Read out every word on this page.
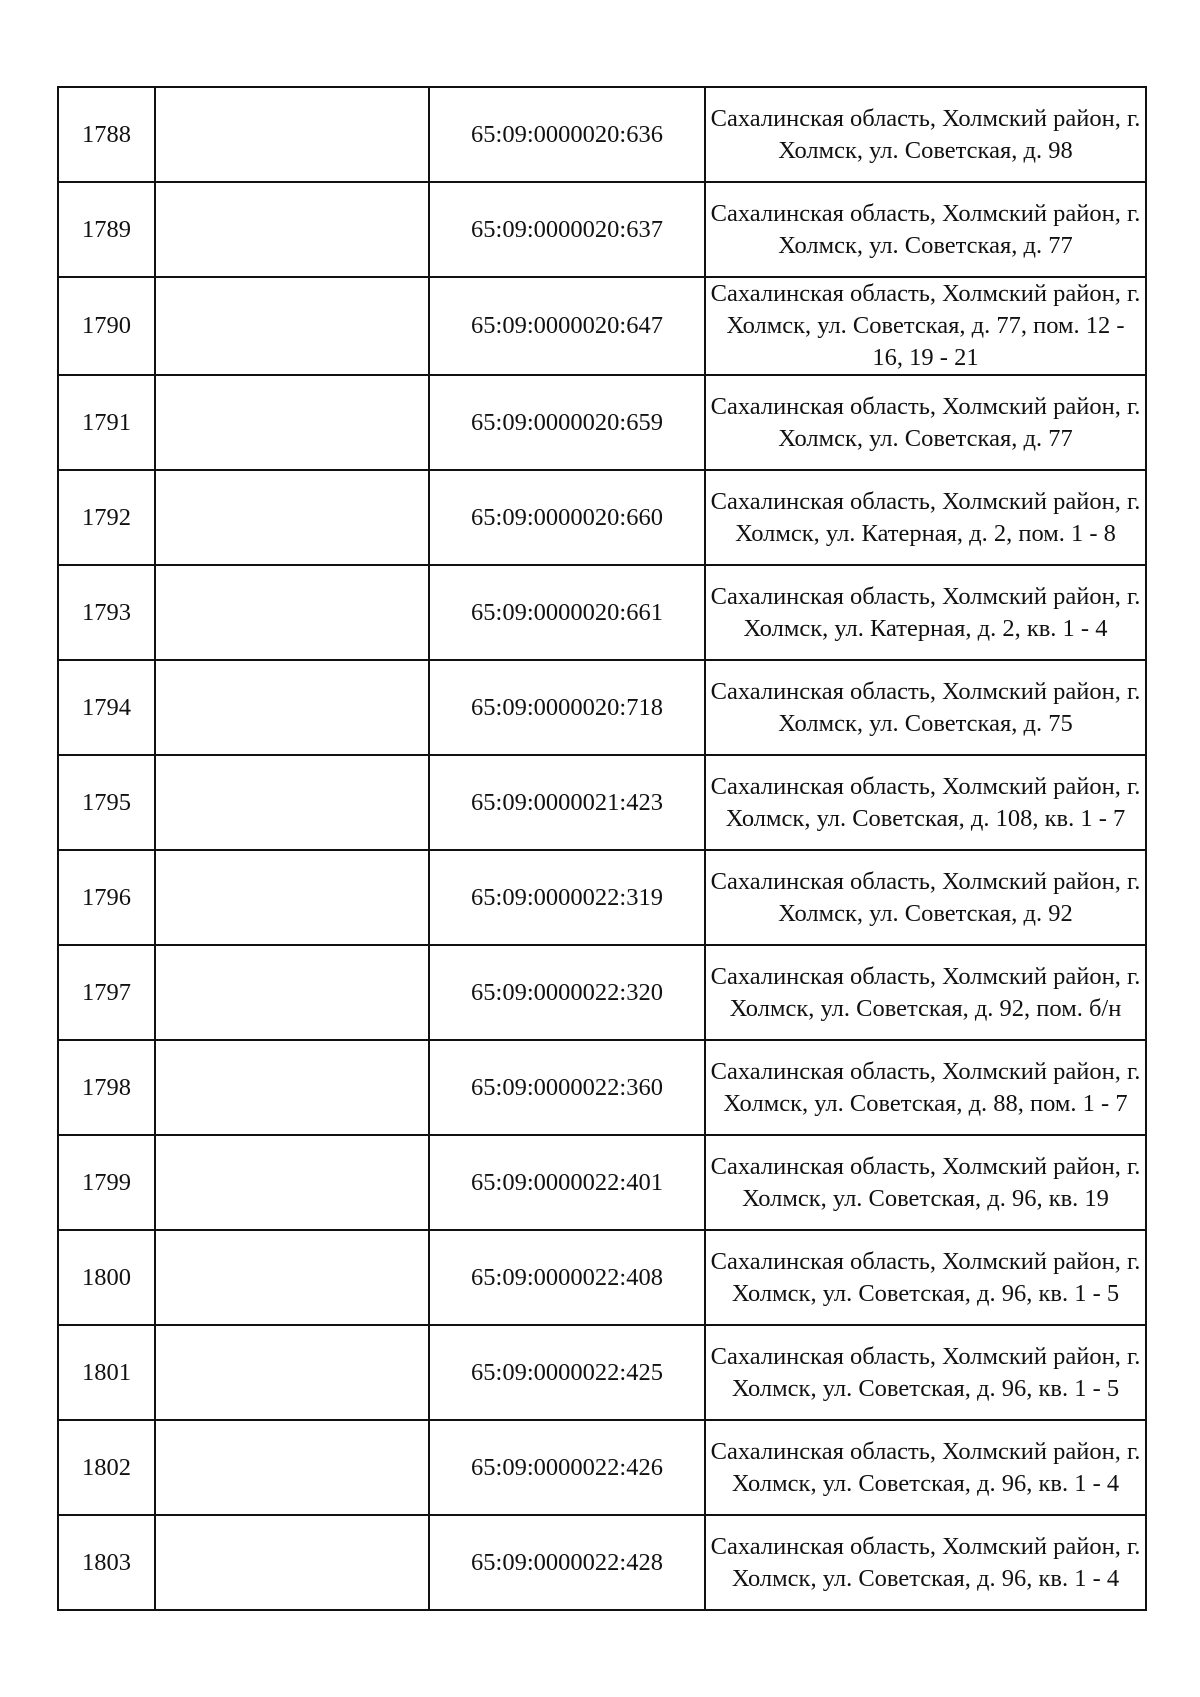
1788		65:09:0000020:636	Сахалинская область, Холмский район, г. Холмск, ул. Советская, д. 98
1789		65:09:0000020:637	Сахалинская область, Холмский район, г. Холмск, ул. Советская, д. 77
1790		65:09:0000020:647	Сахалинская область, Холмский район, г. Холмск, ул. Советская, д. 77, пом. 12 - 16, 19 - 21
1791		65:09:0000020:659	Сахалинская область, Холмский район, г. Холмск, ул. Советская, д. 77
1792		65:09:0000020:660	Сахалинская область, Холмский район, г. Холмск, ул. Катерная, д. 2, пом. 1 - 8
1793		65:09:0000020:661	Сахалинская область, Холмский район, г. Холмск, ул. Катерная, д. 2, кв. 1 - 4
1794		65:09:0000020:718	Сахалинская область, Холмский район, г. Холмск, ул. Советская, д. 75
1795		65:09:0000021:423	Сахалинская область, Холмский район, г. Холмск, ул. Советская, д. 108, кв. 1 - 7
1796		65:09:0000022:319	Сахалинская область, Холмский район, г. Холмск, ул. Советская, д. 92
1797		65:09:0000022:320	Сахалинская область, Холмский район, г. Холмск, ул. Советская, д. 92, пом. б/н
1798		65:09:0000022:360	Сахалинская область, Холмский район, г. Холмск, ул. Советская, д. 88, пом. 1 - 7
1799		65:09:0000022:401	Сахалинская область, Холмский район, г. Холмск, ул. Советская, д. 96, кв. 19
1800		65:09:0000022:408	Сахалинская область, Холмский район, г. Холмск, ул. Советская, д. 96, кв. 1 - 5
1801		65:09:0000022:425	Сахалинская область, Холмский район, г. Холмск, ул. Советская, д. 96, кв. 1 - 5
1802		65:09:0000022:426	Сахалинская область, Холмский район, г. Холмск, ул. Советская, д. 96, кв. 1 - 4
1803		65:09:0000022:428	Сахалинская область, Холмский район, г. Холмск, ул. Советская, д. 96, кв. 1 - 4
